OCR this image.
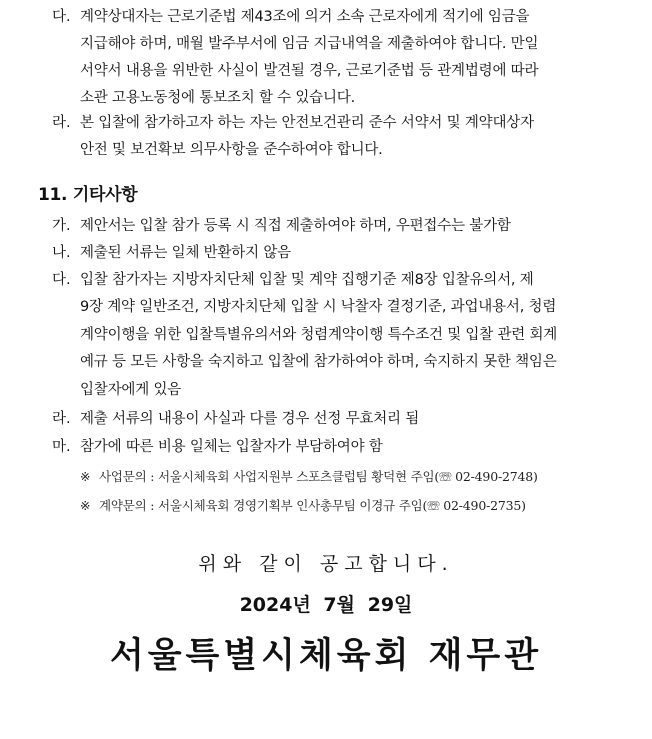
다. 계약상대자는 근로기준법 제43조에 의거 소속 근로자에게 적기에 임금을
지급해야 하며, 매월 발주부서에 임금 지급내역을 제출하여야 합니다. 만일
서약서 내용을 위반한 사실이 발견될 경우, 근로기준법 등 관계법령에 따라
소관 고용노동청에 통보조치 할 수 있습니다.
라. 본 입찰에 참가하고자 하는 자는 안전보건관리 준수 서약서 및 계약대상자
안전 및 보건확보 의무사항을 준수하여야 합니다.
11. 기타사항
가. 제안서는 입찰 참가 등록 시 직접 제출하여야 하며, 우편접수는 불가함
나. 제출된 서류는 일체 반환하지 않음
다. 입찰 참가자는 지방자치단체 입찰 및 계약 집행기준 제8장 입찰유의서, 제
9장 계약 일반조건, 지방자치단체 입찰 시 낙찰자 결정기준, 과업내용서, 청렴
계약이행을 위한 입찰특별유의서와 청렴계약이행 특수조건 및 입찰 관련 회계
예규 등 모든 사항을 숙지하고 입찰에 참가하여야 하며, 숙지하지 못한 책임은
입찰자에게 있음
라. 제출 서류의 내용이 사실과 다를 경우 선정 무효처리 됨
마. 참가에 따른 비용 일체는 입찰자가 부담하여야 함
※ 사업문의 : 서울시체육회 사업지원부 스포츠클럽팀 황덕현 주임(☏ 02-490-2748)
※ 계약문의 : 서울시체육회 경영기획부 인사총무팀 이경규 주임(☏ 02-490-2735)
위와 같이 공고합니다.
2024년 7월 29일
서울특별시체육회 재무관
